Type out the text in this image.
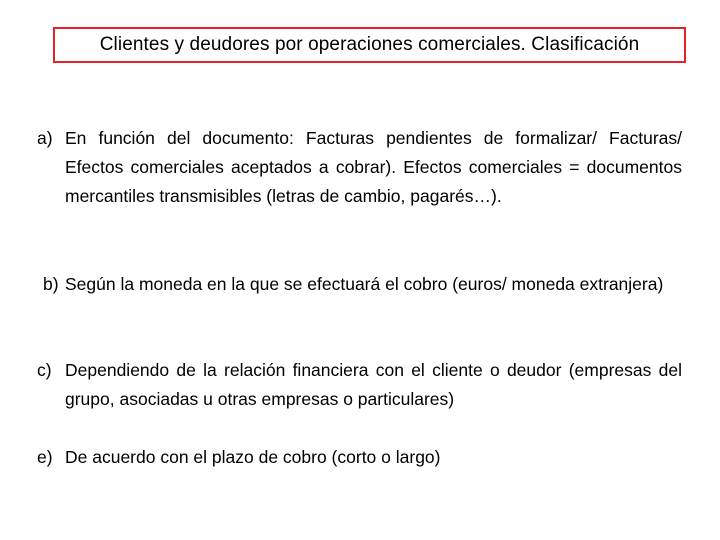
Clientes y deudores por operaciones comerciales. Clasificación
a) En función del documento: Facturas pendientes de formalizar/ Facturas/ Efectos comerciales aceptados a cobrar). Efectos comerciales = documentos mercantiles transmisibles (letras de cambio, pagarés…).

b) Según la moneda en la que se efectuará el cobro (euros/ moneda extranjera)

c) Dependiendo de la relación financiera con el cliente o deudor (empresas del grupo, asociadas u otras empresas o particulares)

e) De acuerdo con el plazo de cobro (corto o largo)
